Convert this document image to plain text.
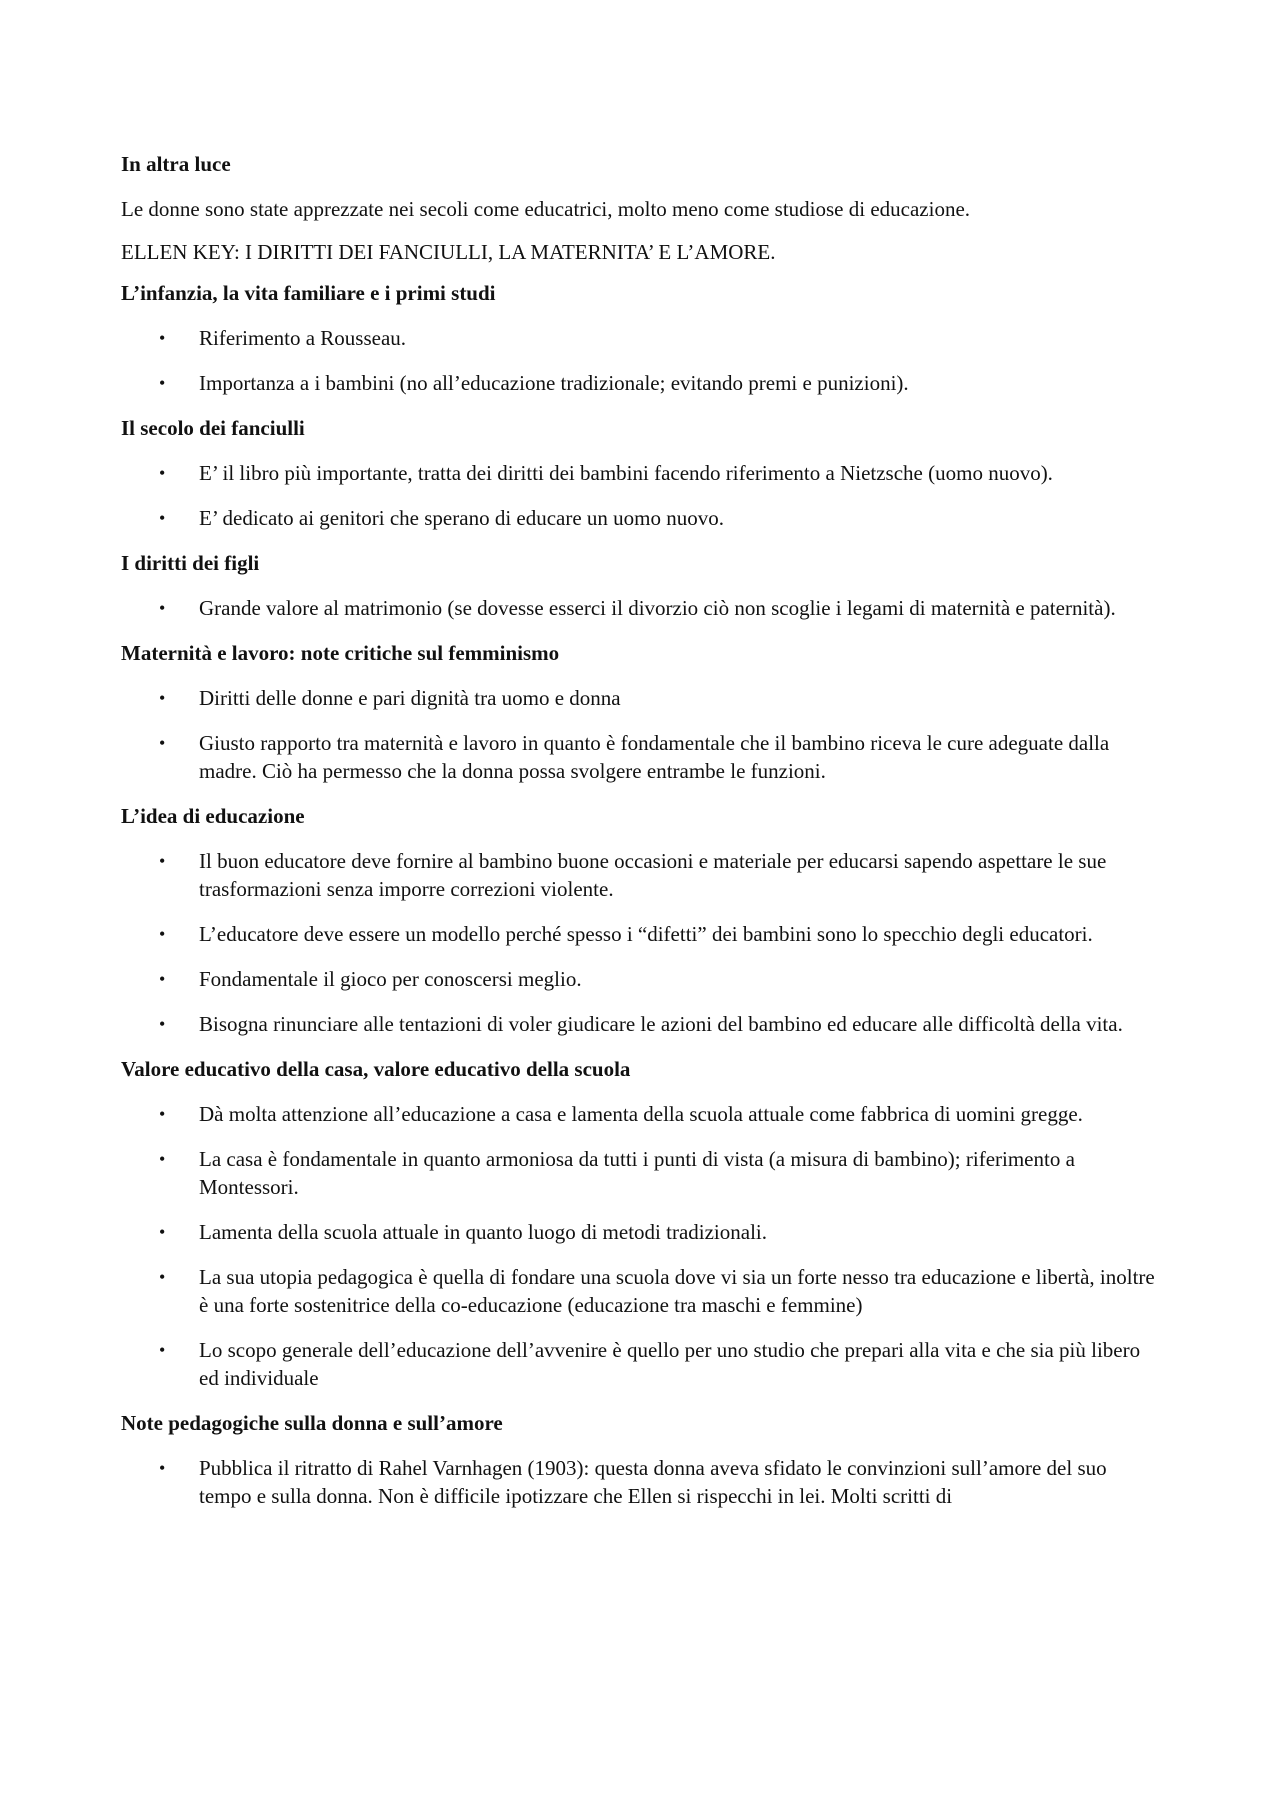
In altra luce
Le donne sono state apprezzate nei secoli come educatrici, molto meno come studiose di educazione.
ELLEN KEY: I DIRITTI DEI FANCIULLI, LA MATERNITA’ E L’AMORE.
L’infanzia, la vita familiare e i primi studi
• Riferimento a Rousseau.
• Importanza a i bambini (no all’educazione tradizionale; evitando premi e punizioni).
Il secolo dei fanciulli
• E’ il libro più importante, tratta dei diritti dei bambini facendo riferimento a Nietzsche (uomo nuovo).
• E’ dedicato ai genitori che sperano di educare un uomo nuovo.
I diritti dei figli
• Grande valore al matrimonio (se dovesse esserci il divorzio ciò non scoglie i legami di maternità e paternità).
Maternità e lavoro: note critiche sul femminismo
• Diritti delle donne e pari dignità tra uomo e donna
• Giusto rapporto tra maternità e lavoro in quanto è fondamentale che il bambino riceva le cure adeguate dalla madre. Ciò ha permesso che la donna possa svolgere entrambe le funzioni.
L’idea di educazione
• Il buon educatore deve fornire al bambino buone occasioni e materiale per educarsi sapendo aspettare le sue trasformazioni senza imporre correzioni violente.
• L’educatore deve essere un modello perché spesso i “difetti” dei bambini sono lo specchio degli educatori.
• Fondamentale il gioco per conoscersi meglio.
• Bisogna rinunciare alle tentazioni di voler giudicare le azioni del bambino ed educare alle difficoltà della vita.
Valore educativo della casa, valore educativo della scuola
• Dà molta attenzione all’educazione a casa e lamenta della scuola attuale come fabbrica di uomini gregge.
• La casa è fondamentale in quanto armoniosa da tutti i punti di vista (a misura di bambino); riferimento a Montessori.
• Lamenta della scuola attuale in quanto luogo di metodi tradizionali.
• La sua utopia pedagogica è quella di fondare una scuola dove vi sia un forte nesso tra educazione e libertà, inoltre è una forte sostenitrice della co-educazione (educazione tra maschi e femmine)
• Lo scopo generale dell’educazione dell’avvenire è quello per uno studio che prepari alla vita e che sia più libero ed individuale
Note pedagogiche sulla donna e sull’amore
• Pubblica il ritratto di Rahel Varnhagen (1903): questa donna aveva sfidato le convinzioni sull’amore del suo tempo e sulla donna. Non è difficile ipotizzare che Ellen si rispecchi in lei. Molti scritti di
